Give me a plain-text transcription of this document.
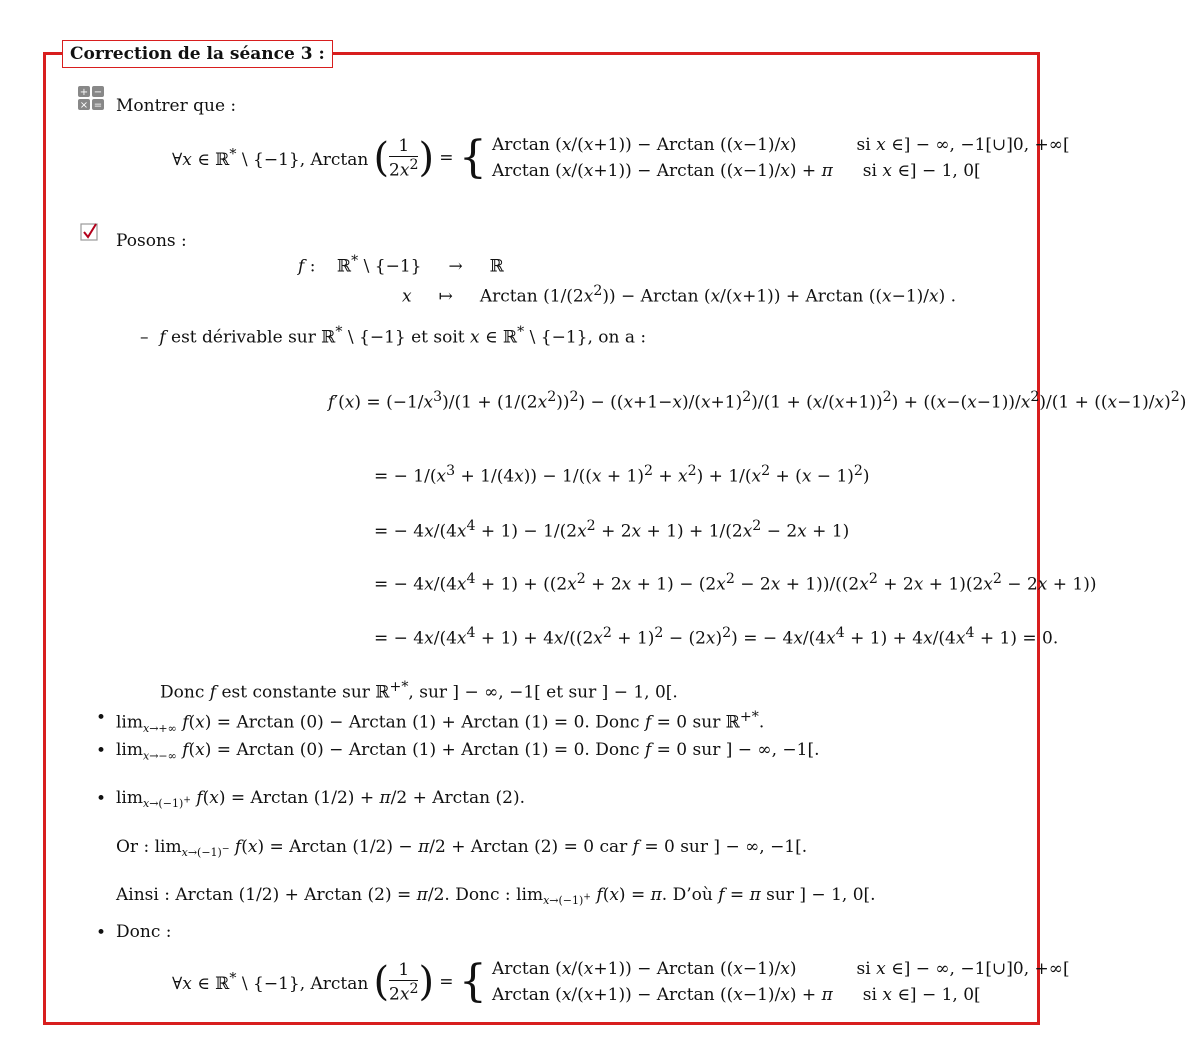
Correction de la séance 3 :
+ −
× = Montrer que :
∀x ∈ ℝ* \ {−1}, Arctan ( $\frac{1}{2x^2}$ ) = { Arctan (x/(x+1)) − Arctan ((x−1)/x)	si x ∈] − ∞, −1[∪]0, +∞[
Arctan (x/(x+1)) − Arctan ((x−1)/x) + π si x ∈] − 1, 0[
Posons :
f :    ℝ* \ {−1}     →     ℝ
x     ↦     Arctan $(1/(2x^2)) - Arctan$ (x/(x+1)) + Arctan ((x−1)/x) .
–  f est dérivable sur ℝ* \ {−1} et soit x ∈ ℝ* \ {−1}, on a :
$f'(x) = (-1/x^3)/(1 + (1/(2x^2))^2) - ((x+1-x)/(x+1)^2)/(1 + (x/(x+1))^2) + ((x-(x-1))/x^2)/(1 + ((x-1)/x)^2)$
= − $1/(x^3 + 1/(4x)) - 1/((x + 1)^2 + x^2) + 1/(x^2 + (x - 1)^2)$
= − $4x/(4x^4 + 1) - 1/(2x^2 + 2x + 1) + 1/(2x^2 - 2x + 1)$
= − $4x/(4x^4 + 1) + ((2x^2 + 2x + 1) - (2x^2 - 2x + 1))/((2x^2 + 2x + 1)(2x^2 - 2x + 1))$
= − $4x/(4x^4 + 1) + 4x/((2x^2 + 1)^2 - (2x)^2)$ = − $4x/(4x^4 + 1) + 4x/(4x^4 + 1) = 0$.
Donc f est constante sur ℝ+*, sur ] − ∞, −1[ et sur ] − 1, 0[.
• $\lim_{x\to+\infty} f(x) = Arctan$ (0) − Arctan (1) + Arctan (1) = 0. Donc f = 0 sur ℝ+*.
• $\lim_{x\to-\infty} f(x) = Arctan$ (0) − Arctan (1) + Arctan (1) = 0. Donc f = 0 sur ] − ∞, −1[.
• $\lim_{x\to(-1)^+} f(x) = Arctan$ (1/2) + π/2 + Arctan (2).
Or : $\lim_{x\to(-1)^-} f(x) = Arctan$ (1/2) − π/2 + Arctan (2) = 0 car f = 0 sur ] − ∞, −1[.
Ainsi : Arctan (1/2) + Arctan (2) = π/2. Donc : $\lim_{x\to(-1)^+} f(x) = \pi$. D’où f = π sur ] − 1, 0[.
• Donc :
∀x ∈ ℝ* \ {−1}, Arctan ( $\frac{1}{2x^2}$ ) = { Arctan (x/(x+1)) − Arctan ((x−1)/x)	si x ∈] − ∞, −1[∪]0, +∞[
Arctan (x/(x+1)) − Arctan ((x−1)/x) + π si x ∈] − 1, 0[
